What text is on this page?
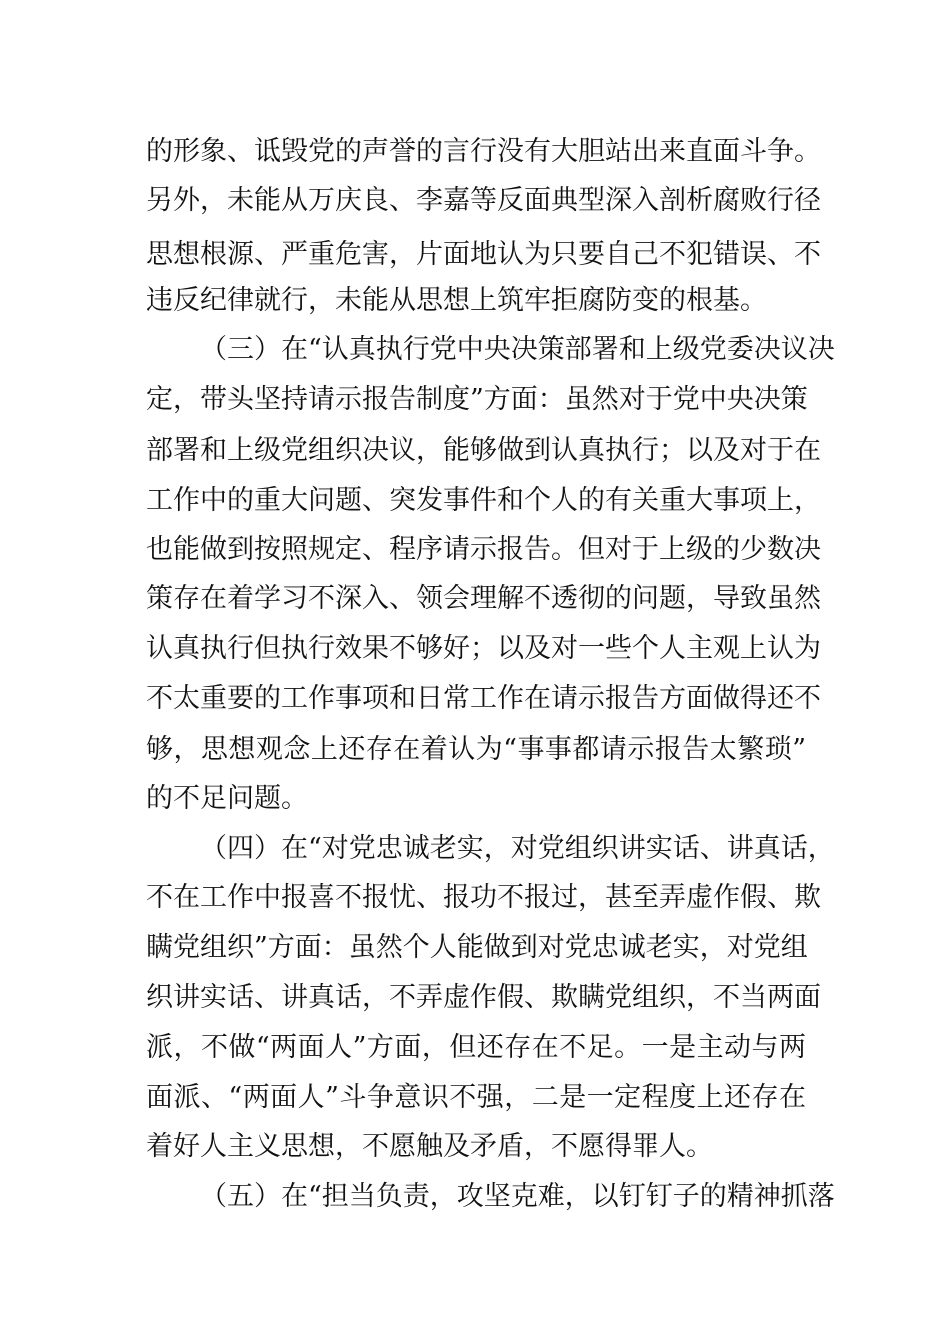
的形象、诋毁党的声誉的言行没有大胆站出来直面斗争。
另外，未能从万庆良、李嘉等反面典型深入剖析腐败行径
思想根源、严重危害，片面地认为只要自己不犯错误、不
违反纪律就行，未能从思想上筑牢拒腐防变的根基。
（三）在“认真执行党中央决策部署和上级党委决议决
定，带头坚持请示报告制度”方面：虽然对于党中央决策
部署和上级党组织决议，能够做到认真执行；以及对于在
工作中的重大问题、突发事件和个人的有关重大事项上，
也能做到按照规定、程序请示报告。但对于上级的少数决
策存在着学习不深入、领会理解不透彻的问题，导致虽然
认真执行但执行效果不够好；以及对一些个人主观上认为
不太重要的工作事项和日常工作在请示报告方面做得还不
够，思想观念上还存在着认为“事事都请示报告太繁琐”
的不足问题。
（四）在“对党忠诚老实，对党组织讲实话、讲真话，
不在工作中报喜不报忧、报功不报过，甚至弄虚作假、欺
瞒党组织”方面：虽然个人能做到对党忠诚老实，对党组
织讲实话、讲真话，不弄虚作假、欺瞒党组织，不当两面
派，不做“两面人”方面，但还存在不足。一是主动与两
面派、“两面人”斗争意识不强，二是一定程度上还存在
着好人主义思想，不愿触及矛盾，不愿得罪人。
（五）在“担当负责，攻坚克难，以钉钉子的精神抓落
